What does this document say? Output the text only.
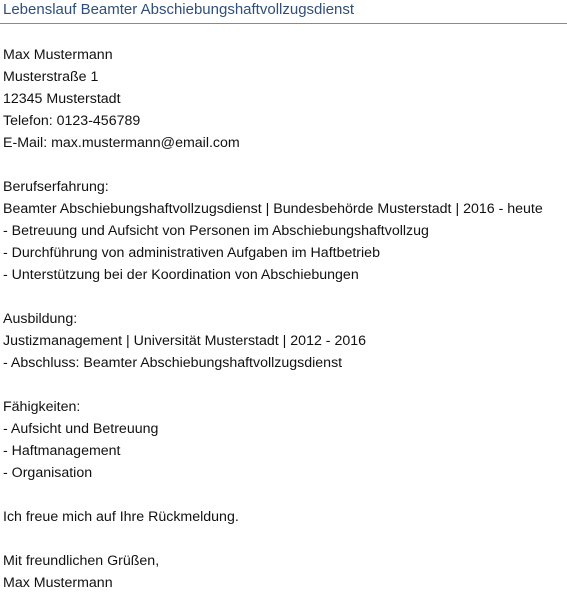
Lebenslauf Beamter Abschiebungshaftvollzugsdienst
Max Mustermann
Musterstraße 1
12345 Musterstadt
Telefon: 0123-456789
E-Mail: max.mustermann@email.com
Berufserfahrung:
Beamter Abschiebungshaftvollzugsdienst | Bundesbehörde Musterstadt | 2016 - heute
- Betreuung und Aufsicht von Personen im Abschiebungshaftvollzug
- Durchführung von administrativen Aufgaben im Haftbetrieb
- Unterstützung bei der Koordination von Abschiebungen
Ausbildung:
Justizmanagement | Universität Musterstadt | 2012 - 2016
- Abschluss: Beamter Abschiebungshaftvollzugsdienst
Fähigkeiten:
- Aufsicht und Betreuung
- Haftmanagement
- Organisation
Ich freue mich auf Ihre Rückmeldung.
Mit freundlichen Grüßen,
Max Mustermann
